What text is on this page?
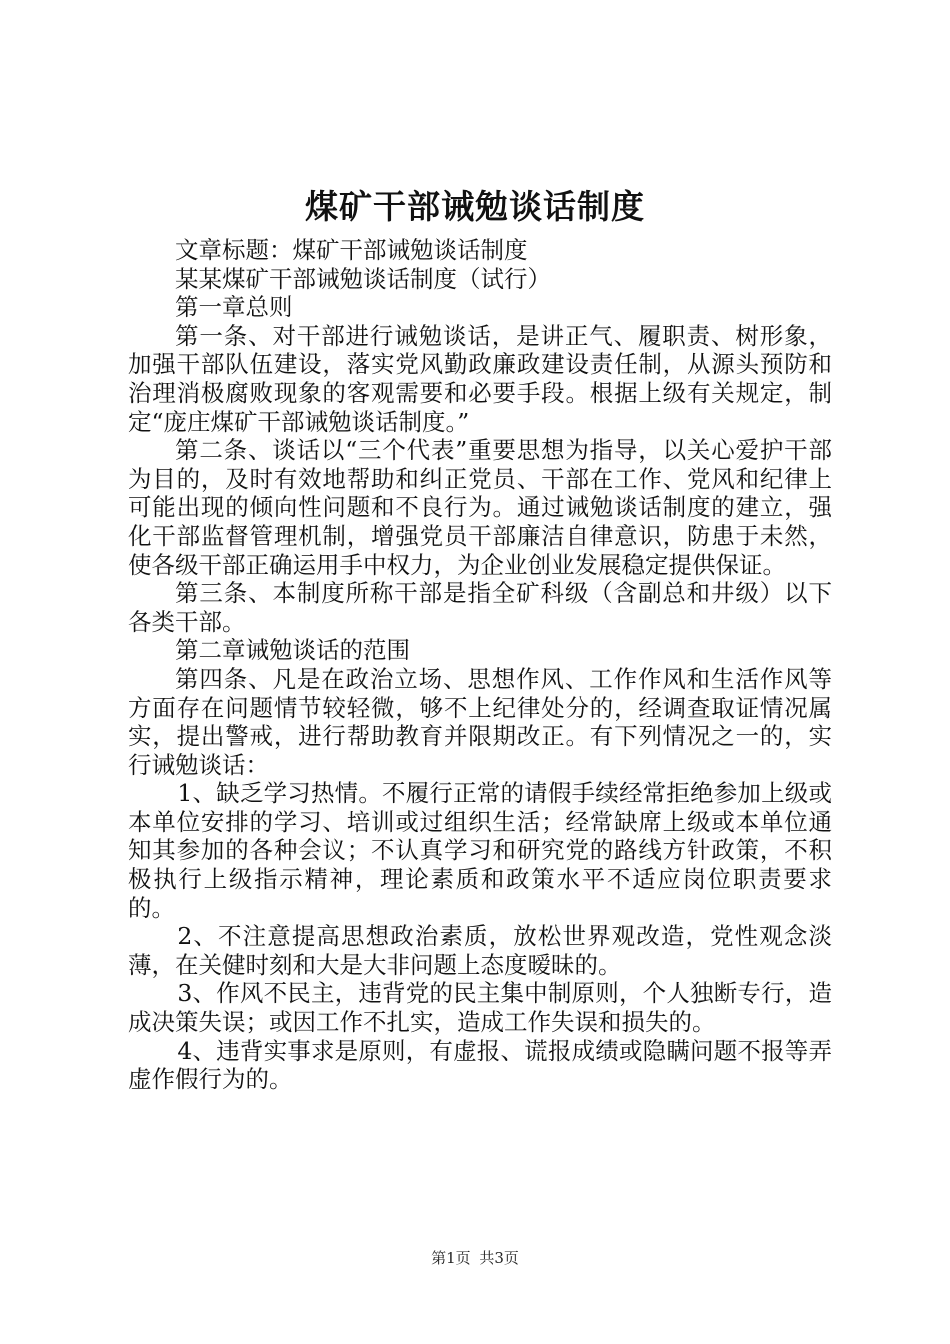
煤矿干部诫勉谈话制度

文章标题：煤矿干部诫勉谈话制度

某某煤矿干部诫勉谈话制度（试行）

第一章总则

第一条、对干部进行诫勉谈话，是讲正气、履职责、树形象，加强干部队伍建设，落实党风勤政廉政建设责任制，从源头预防和治理消极腐败现象的客观需要和必要手段。根据上级有关规定，制定“庞庄煤矿干部诫勉谈话制度。”

第二条、谈话以“三个代表”重要思想为指导，以关心爱护干部为目的，及时有效地帮助和纠正党员、干部在工作、党风和纪律上可能出现的倾向性问题和不良行为。通过诫勉谈话制度的建立，强化干部监督管理机制，增强党员干部廉洁自律意识，防患于未然，使各级干部正确运用手中权力，为企业创业发展稳定提供保证。

第三条、本制度所称干部是指全矿科级（含副总和井级）以下各类干部。

第二章诫勉谈话的范围

第四条、凡是在政治立场、思想作风、工作作风和生活作风等方面存在问题情节较轻微，够不上纪律处分的，经调查取证情况属实，提出警戒，进行帮助教育并限期改正。有下列情况之一的，实行诫勉谈话：

1、缺乏学习热情。不履行正常的请假手续经常拒绝参加上级或本单位安排的学习、培训或过组织生活；经常缺席上级或本单位通知其参加的各种会议；不认真学习和研究党的路线方针政策，不积极执行上级指示精神，理论素质和政策水平不适应岗位职责要求的。

2、不注意提高思想政治素质，放松世界观改造，党性观念淡薄，在关健时刻和大是大非问题上态度暧昧的。

3、作风不民主，违背党的民主集中制原则，个人独断专行，造成决策失误；或因工作不扎实，造成工作失误和损失的。

4、违背实事求是原则，有虚报、谎报成绩或隐瞒问题不报等弄虚作假行为的。

第1页 共3页
